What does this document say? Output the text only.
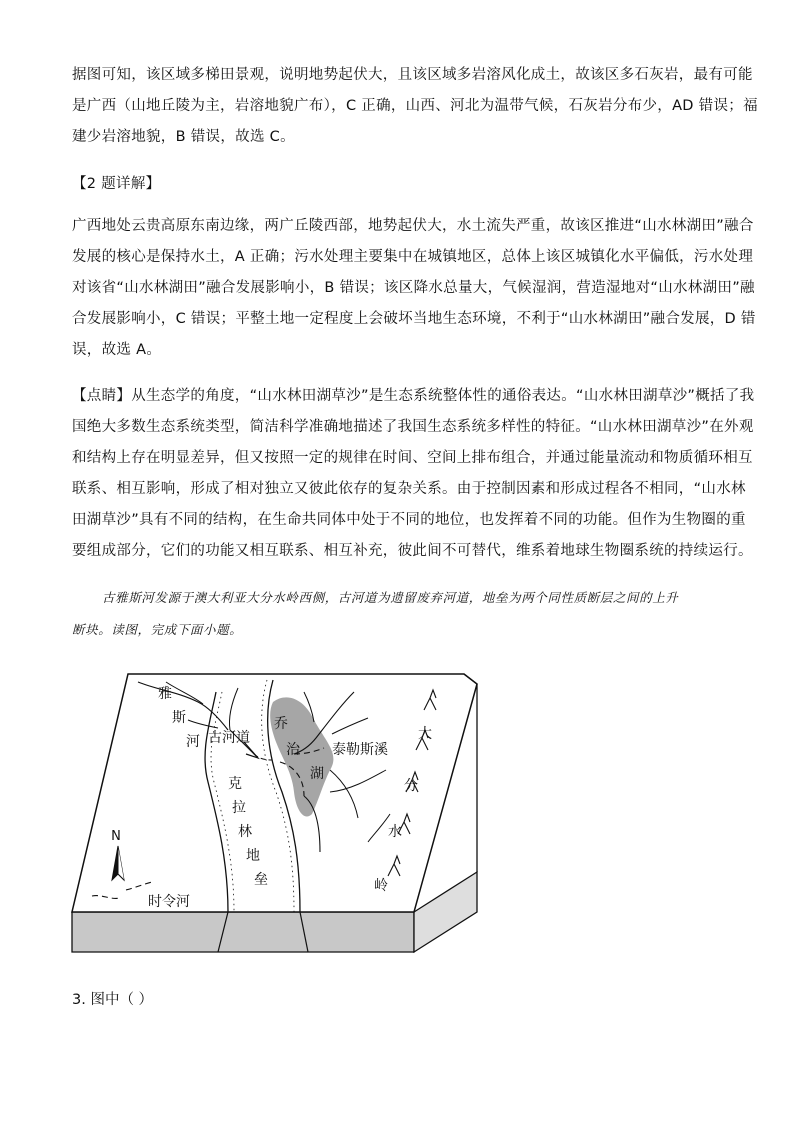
据图可知，该区域多梯田景观，说明地势起伏大，且该区域多岩溶风化成土，故该区多石灰岩，最有可能
是广西（山地丘陵为主，岩溶地貌广布），C 正确，山西、河北为温带气候，石灰岩分布少，AD 错误；福
建少岩溶地貌，B 错误，故选 C。
【2 题详解】
广西地处云贵高原东南边缘，两广丘陵西部，地势起伏大，水土流失严重，故该区推进“山水林湖田”融合
发展的核心是保持水土，A 正确；污水处理主要集中在城镇地区，总体上该区城镇化水平偏低，污水处理
对该省“山水林湖田”融合发展影响小，B 错误；该区降水总量大，气候湿润，营造湿地对“山水林湖田”融
合发展影响小，C 错误；平整土地一定程度上会破坏当地生态环境，不利于“山水林湖田”融合发展，D 错
误，故选 A。
【点睛】从生态学的角度，“山水林田湖草沙”是生态系统整体性的通俗表达。“山水林田湖草沙”概括了我
国绝大多数生态系统类型，简洁科学准确地描述了我国生态系统多样性的特征。“山水林田湖草沙”在外观
和结构上存在明显差异，但又按照一定的规律在时间、空间上排布组合，并通过能量流动和物质循环相互
联系、相互影响，形成了相对独立又彼此依存的复杂关系。由于控制因素和形成过程各不相同，“山水林
田湖草沙”具有不同的结构，在生命共同体中处于不同的地位，也发挥着不同的功能。但作为生物圈的重
要组成部分，它们的功能又相互联系、相互补充，彼此间不可替代，维系着地球生物圈系统的持续运行。
古雅斯河发源于澳大利亚大分水岭西侧，古河道为遗留废弃河道，地垒为两个同性质断层之间的上升
断块。读图，完成下面小题。
N
雅
斯
河 古河道
乔
治
湖
泰勒斯溪
大
分
水
岭
克
拉
林
地
垒
时令河
3. 图中（ ）
